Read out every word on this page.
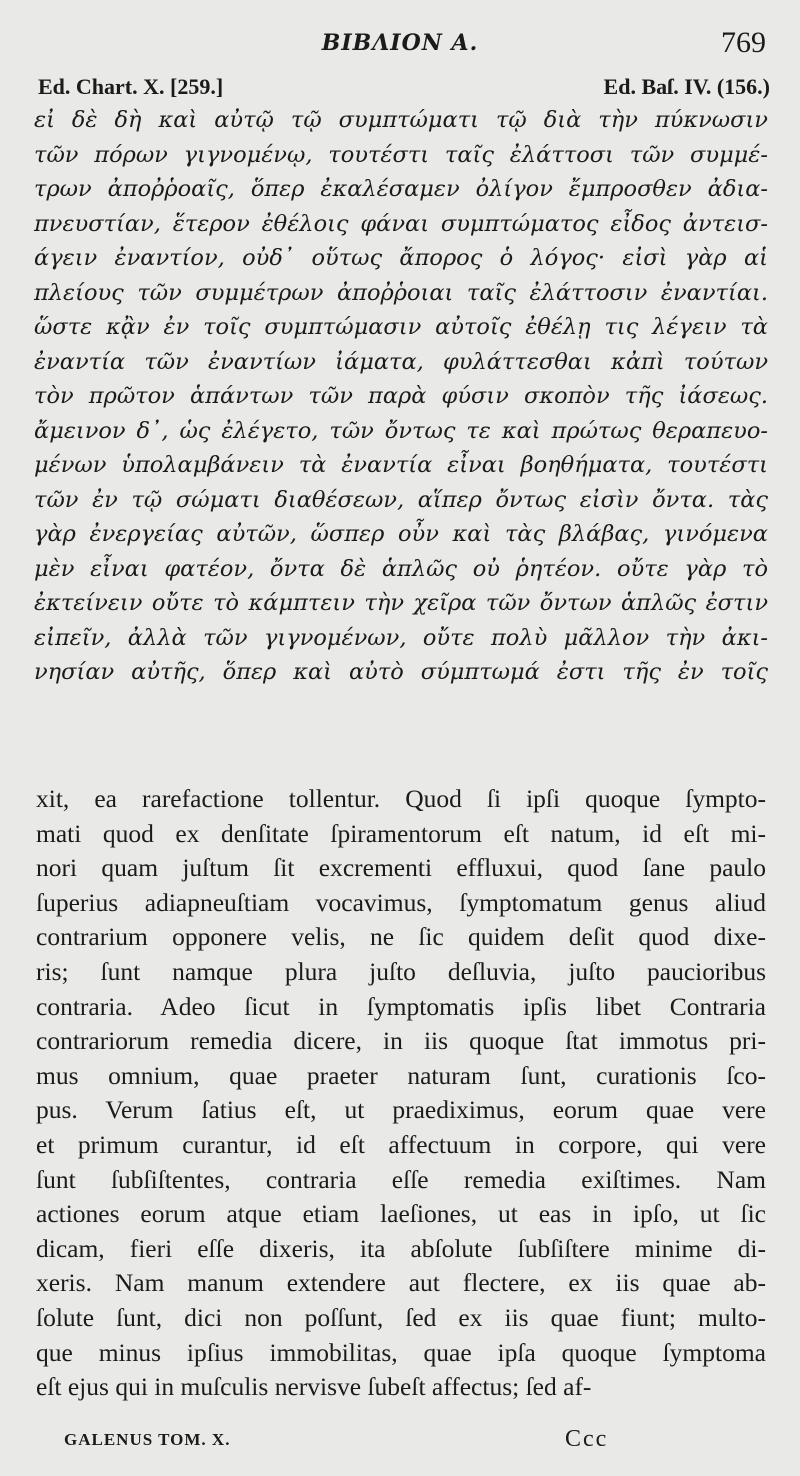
ΒΙΒΛΙΟΝ Α.	769
Ed. Chart. X. [259.]	Ed. Baſ. IV. (156.)
εἰ δὲ δὴ καὶ αὐτῷ τῷ συμπτώματι τῷ διὰ τὴν πύκνωσιν
τῶν πόρων γιγνομένῳ, τουτέστι ταῖς ἐλάττοσι τῶν συμμέ-
τρων ἀποῤῥοαῖς, ὅπερ ἐκαλέσαμεν ὀλίγον ἔμπροσθεν ἀδια-
πνευστίαν, ἕτερον ἐθέλοις φάναι συμπτώματος εἶδος ἀντεισ-
άγειν ἐναντίον, οὐδ᾽ οὕτως ἄπορος ὁ λόγος· εἰσὶ γὰρ αἱ
πλείους τῶν συμμέτρων ἀποῤῥοιαι ταῖς ἐλάττοσιν ἐναντίαι.
ὥστε κᾂν ἐν τοῖς συμπτώμασιν αὐτοῖς ἐθέλῃ τις λέγειν τὰ
ἐναντία τῶν ἐναντίων ἰάματα, φυλάττεσθαι κἀπὶ τούτων
τὸν πρῶτον ἁπάντων τῶν παρὰ φύσιν σκοπὸν τῆς ἰάσεως.
ἄμεινον δ᾽, ὡς ἐλέγετο, τῶν ὄντως τε καὶ πρώτως θεραπευο-
μένων ὑπολαμβάνειν τὰ ἐναντία εἶναι βοηθήματα, τουτέστι
τῶν ἐν τῷ σώματι διαθέσεων, αἵπερ ὄντως εἰσὶν ὄντα. τὰς
γὰρ ἐνεργείας αὐτῶν, ὥσπερ οὖν καὶ τὰς βλάβας, γινόμενα
μὲν εἶναι φατέον, ὄντα δὲ ἁπλῶς οὐ ῥητέον. οὔτε γὰρ τὸ
ἐκτείνειν οὔτε τὸ κάμπτειν τὴν χεῖρα τῶν ὄντων ἁπλῶς ἐστιν
εἰπεῖν, ἀλλὰ τῶν γιγνομένων, οὔτε πολὺ μᾶλλον τὴν ἀκι-
νησίαν αὐτῆς, ὅπερ καὶ αὐτὸ σύμπτωμά ἐστι τῆς ἐν τοῖς
xit, ea rarefactione tollentur. Quod ſi ipſi quoque ſympto-
mati quod ex denſitate ſpiramentorum eſt natum, id eſt mi-
nori quam juſtum ſit excrementi effluxui, quod ſane paulo
ſuperius adiapneuſtiam vocavimus, ſymptomatum genus aliud
contrarium opponere velis, ne ſic quidem deſit quod dixe-
ris; ſunt namque plura juſto deſluvia, juſto paucioribus
contraria. Adeo ſicut in ſymptomatis ipſis libet Contraria
contrariorum remedia dicere, in iis quoque ſtat immotus pri-
mus omnium, quae praeter naturam ſunt, curationis ſco-
pus. Verum ſatius eſt, ut praediximus, eorum quae vere
et primum curantur, id eſt affectuum in corpore, qui vere
ſunt ſubſiſtentes, contraria eſſe remedia exiſtimes. Nam
actiones eorum atque etiam laeſiones, ut eas in ipſo, ut ſic
dicam, fieri eſſe dixeris, ita abſolute ſubſiſtere minime di-
xeris. Nam manum extendere aut flectere, ex iis quae ab-
ſolute ſunt, dici non poſſunt, ſed ex iis quae fiunt; multo-
que minus ipſius immobilitas, quae ipſa quoque ſymptoma
eſt ejus qui in muſculis nervisve ſubeſt affectus; ſed af-
GALENUS TOM. X.	Ccc
